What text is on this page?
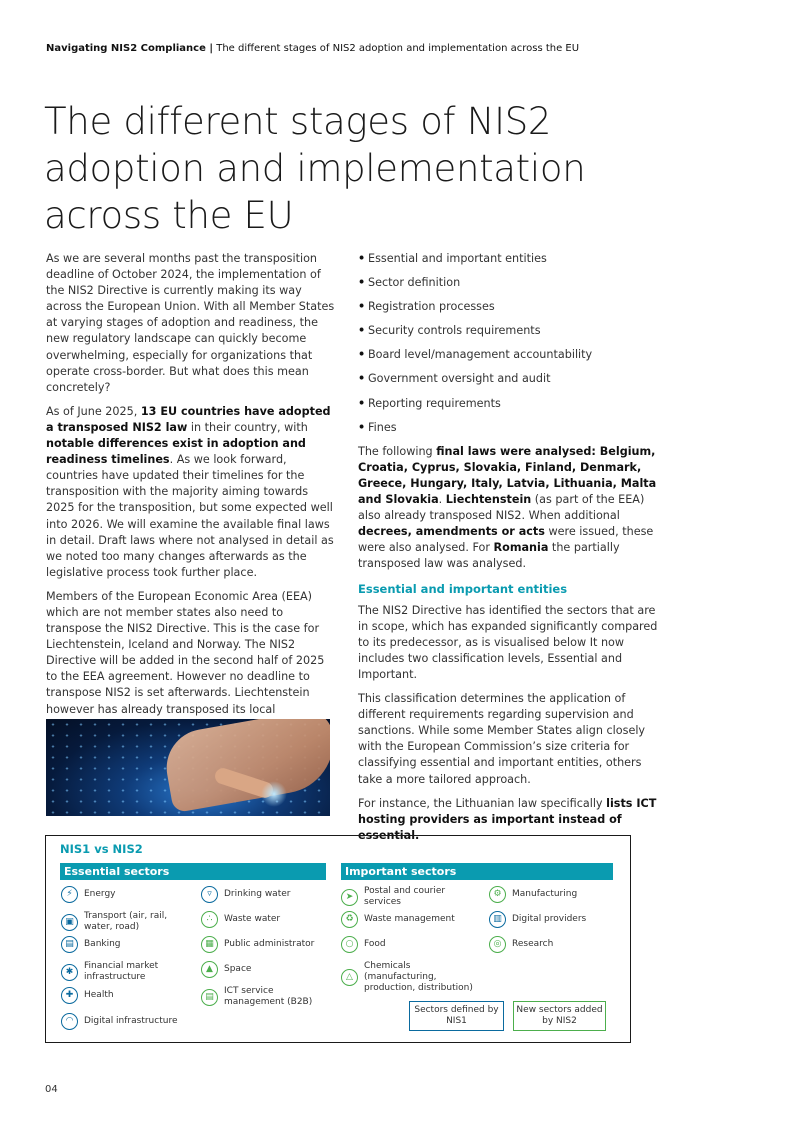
Navigating NIS2 Compliance | The different stages of NIS2 adoption and implementation across the EU
The different stages of NIS2 adoption and implementation across the EU

As we are several months past the transposition deadline of October 2024, the implementation of the NIS2 Directive is currently making its way across the European Union. With all Member States at varying stages of adoption and readiness, the new regulatory landscape can quickly become overwhelming, especially for organizations that operate cross-border. But what does this mean concretely?

As of June 2025, 13 EU countries have adopted a transposed NIS2 law in their country, with notable differences exist in adoption and readiness timelines. As we look forward, countries have updated their timelines for the transposition with the majority aiming towards 2025 for the transposition, but some expected well into 2026. We will examine the available final laws in detail. Draft laws where not analysed in detail as we noted too many changes afterwards as the legislative process took further place.

Members of the European Economic Area (EEA) which are not member states also need to transpose the NIS2 Directive. This is the case for Liechtenstein, Iceland and Norway. The NIS2 Directive will be added in the second half of 2025 to the EEA agreement. However no deadline to transpose NIS2 is set afterwards. Liechtenstein however has already transposed its local

• Essential and important entities
• Sector definition
• Registration processes
• Security controls requirements
• Board level/management accountability
• Government oversight and audit
• Reporting requirements
• Fines

The following final laws were analysed: Belgium, Croatia, Cyprus, Slovakia, Finland, Denmark, Greece, Hungary, Italy, Latvia, Lithuania, Malta and Slovakia. Liechtenstein (as part of the EEA) also already transposed NIS2. When additional decrees, amendments or acts were issued, these were also analysed. For Romania the partially transposed law was analysed.

Essential and important entities

The NIS2 Directive has identified the sectors that are in scope, which has expanded significantly compared to its predecessor, as is visualised below It now includes two classification levels, Essential and Important.

This classification determines the application of different requirements regarding supervision and sanctions. While some Member States align closely with the European Commission’s size criteria for classifying essential and important entities, others take a more tailored approach.

For instance, the Lithuanian law specifically lists ICT hosting providers as important instead of essential.

NIS1 vs NIS2
Essential sectors	Important sectors
Sectors defined by NIS1
New sectors added by NIS2
⚡	Energy
▣
Transport (air, rail, water, road)
▤	Banking
✱
Financial market infrastructure
✚	Health
◠	Digital infrastructure
▿	Drinking water
∴	Waste water
▦	Public administrator
▲	Space
▤
ICT service management (B2B)
➤
Postal and courier services
♻	Waste management
○	Food
△
Chemicals (manufacturing, production, distribution)
⚙	Manufacturing
▥	Digital providers
◎	Research
04
